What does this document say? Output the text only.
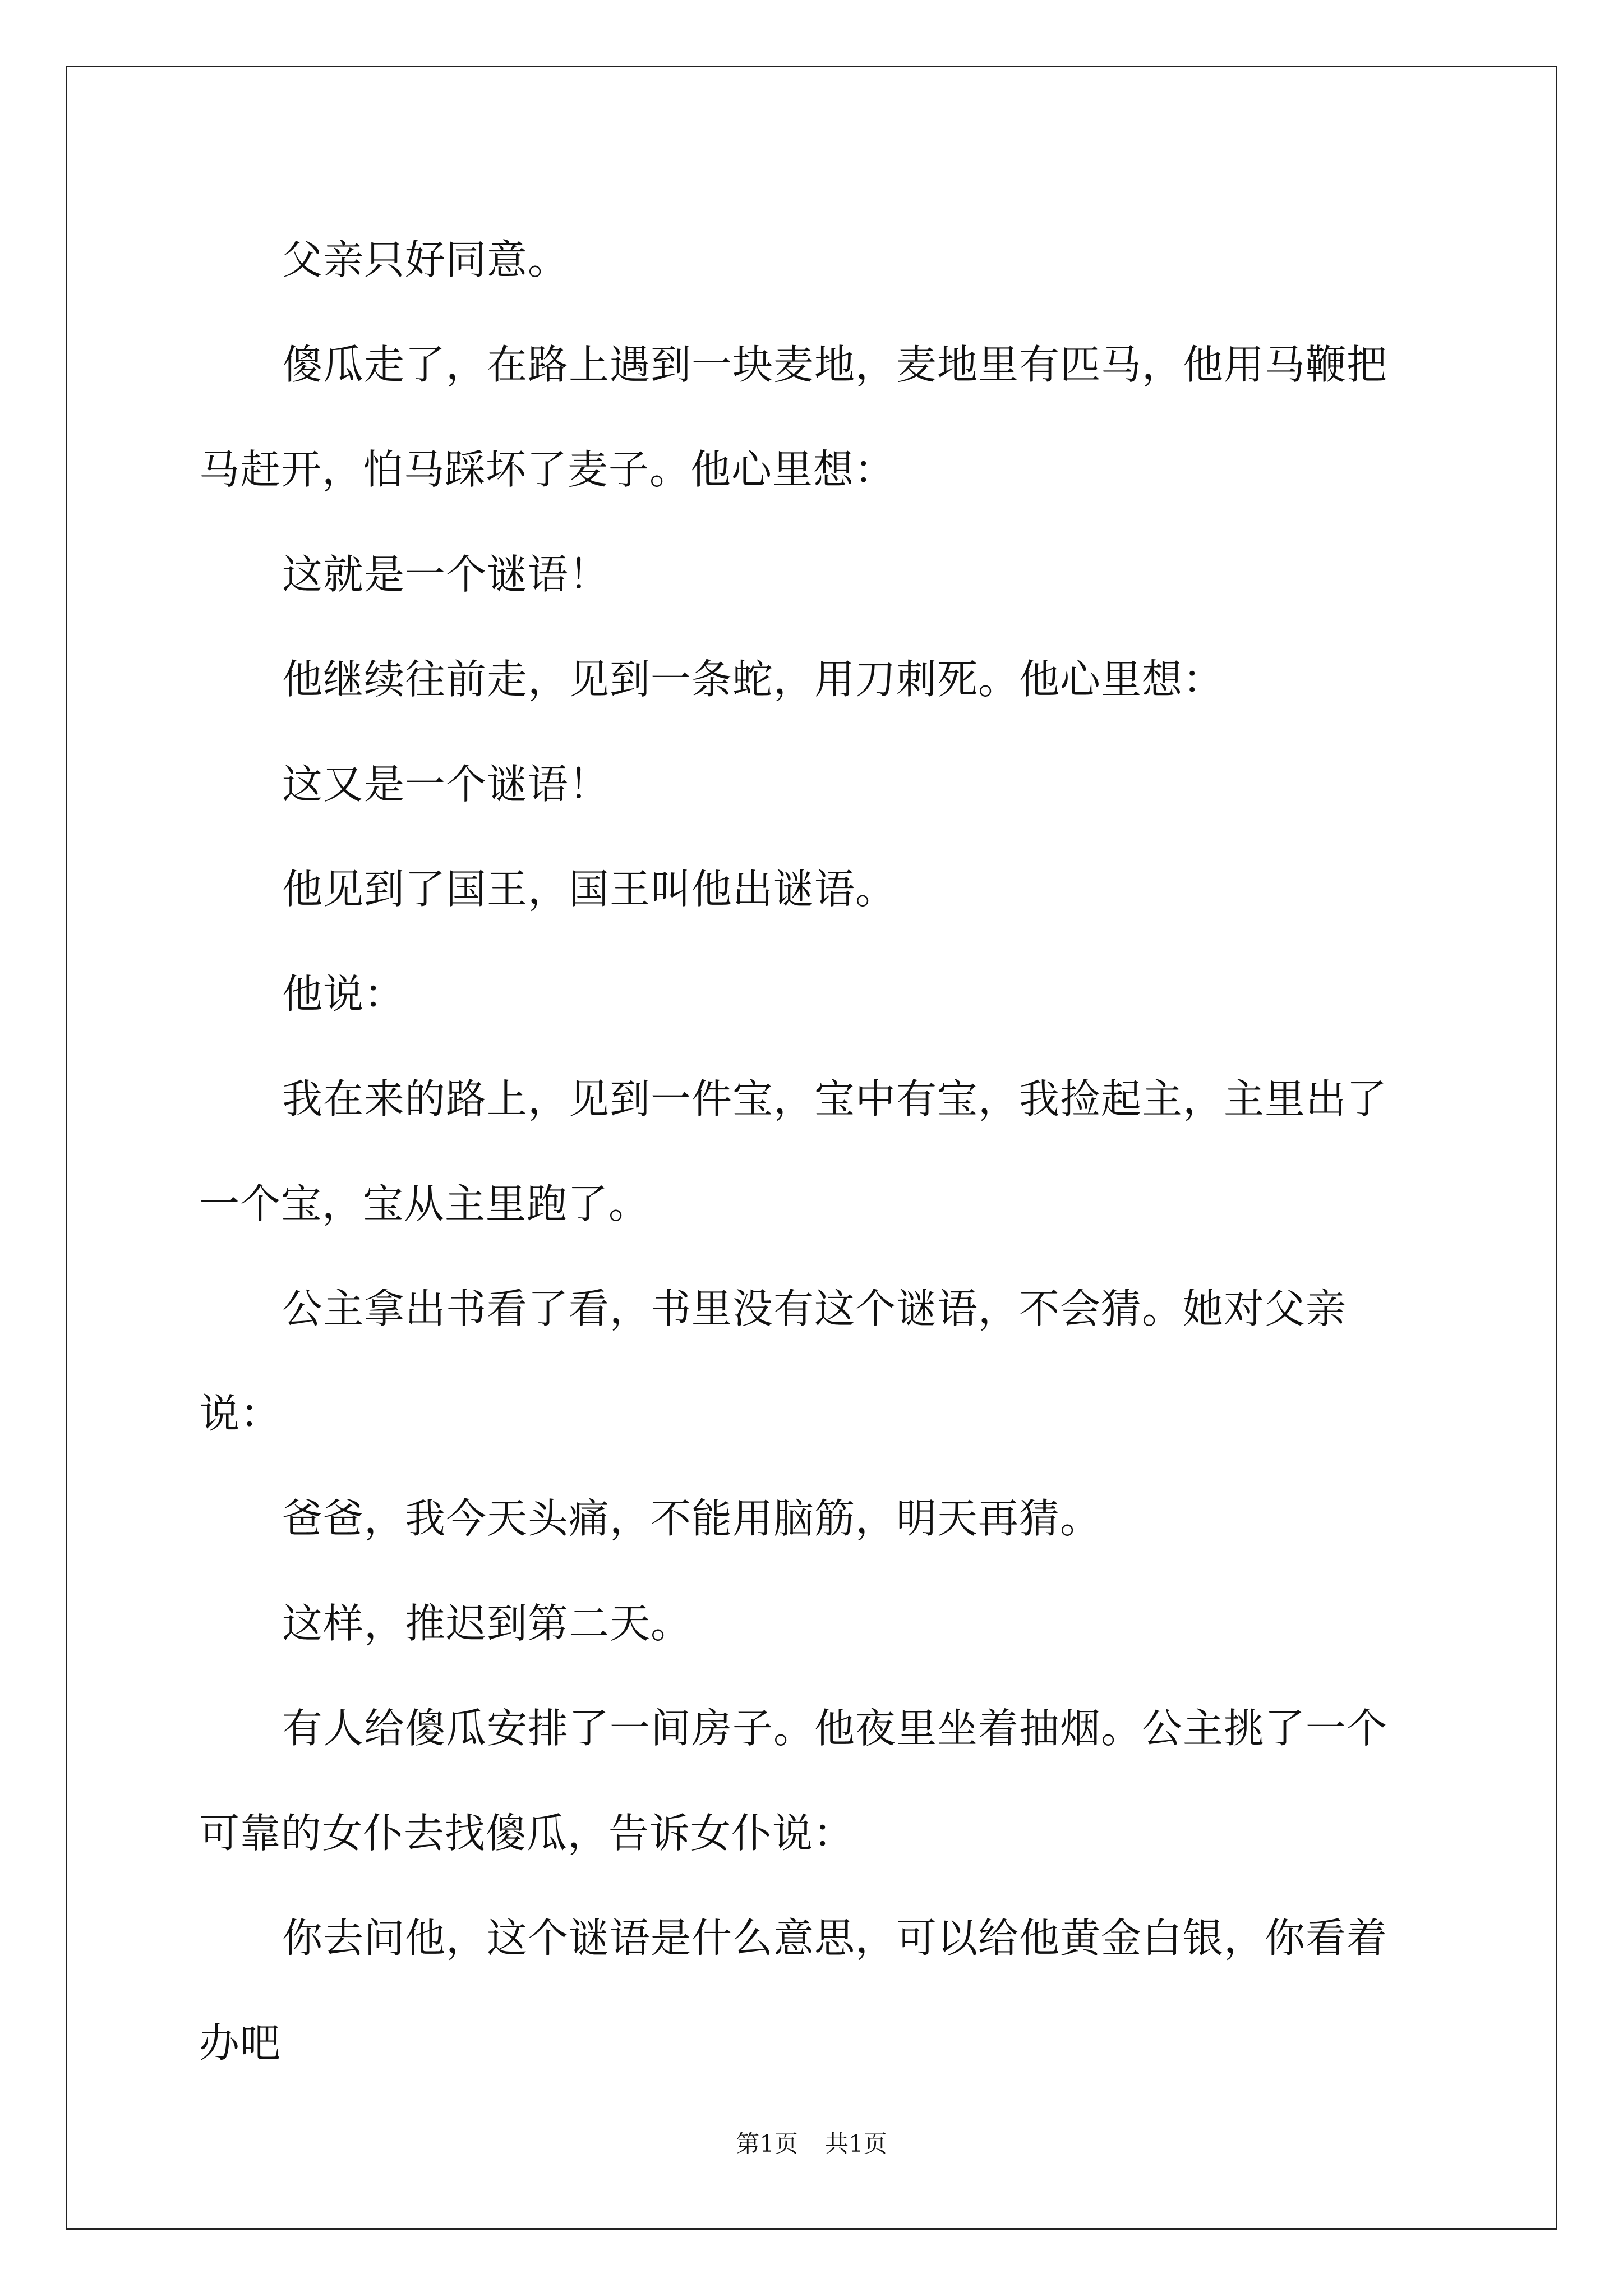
父亲只好同意。

傻瓜走了，在路上遇到一块麦地，麦地里有匹马，他用马鞭把马赶开，怕马踩坏了麦子。他心里想：

这就是一个谜语！

他继续往前走，见到一条蛇，用刀刺死。他心里想：

这又是一个谜语！

他见到了国王，国王叫他出谜语。

他说：

我在来的路上，见到一件宝，宝中有宝，我捡起主，主里出了一个宝，宝从主里跑了。

公主拿出书看了看，书里没有这个谜语，不会猜。她对父亲说：

爸爸，我今天头痛，不能用脑筋，明天再猜。

这样，推迟到第二天。

有人给傻瓜安排了一间房子。他夜里坐着抽烟。公主挑了一个可靠的女仆去找傻瓜，告诉女仆说：

你去问他，这个谜语是什么意思，可以给他黄金白银，你看着办吧

第1页 共1页
